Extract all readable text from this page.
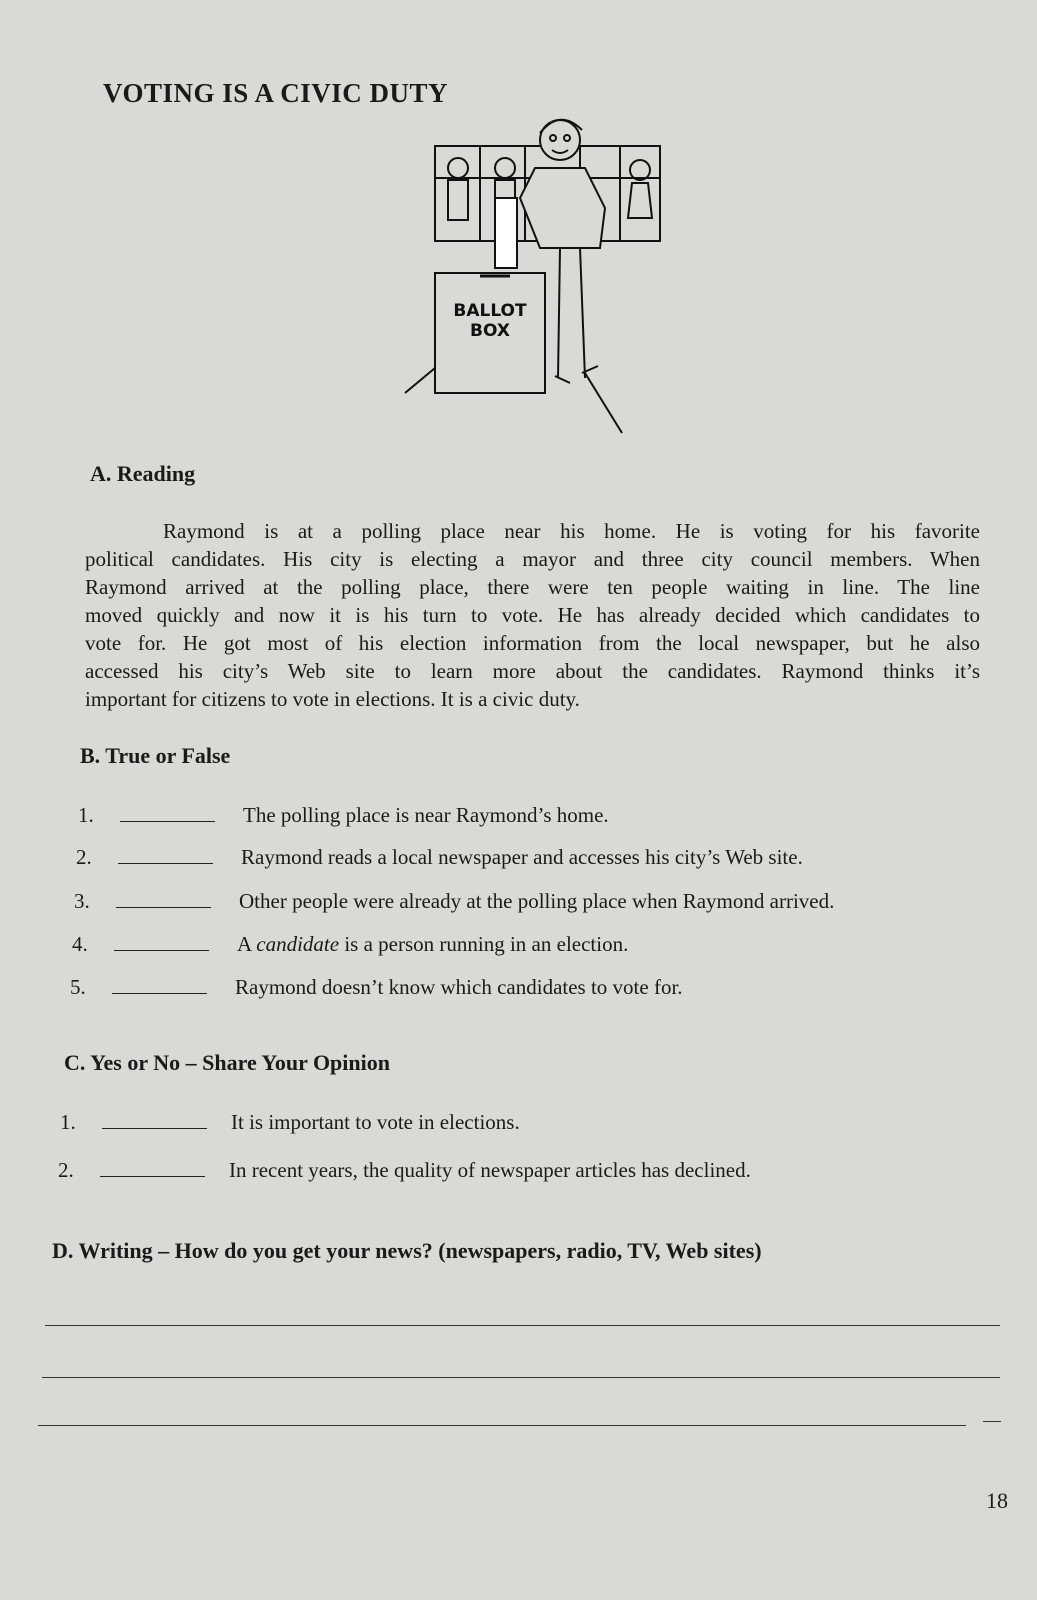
VOTING IS A CIVIC DUTY
BALLOT
BOX
A. Reading
Raymond is at a polling place near his home. He is voting for his favorite
political candidates. His city is electing a mayor and three city council members. When
Raymond arrived at the polling place, there were ten people waiting in line. The line
moved quickly and now it is his turn to vote. He has already decided which candidates to
vote for. He got most of his election information from the local newspaper, but he also
accessed his city’s Web site to learn more about the candidates. Raymond thinks it’s
important for citizens to vote in elections. It is a civic duty.
B. True or False
1.	The polling place is near Raymond’s home.
2.	Raymond reads a local newspaper and accesses his city’s Web site.
3.	Other people were already at the polling place when Raymond arrived.
4.	A candidate is a person running in an election.
5.	Raymond doesn’t know which candidates to vote for.
C. Yes or No – Share Your Opinion
1.	It is important to vote in elections.
2.	In recent years, the quality of newspaper articles has declined.
D. Writing – How do you get your news? (newspapers, radio, TV, Web sites)
18
